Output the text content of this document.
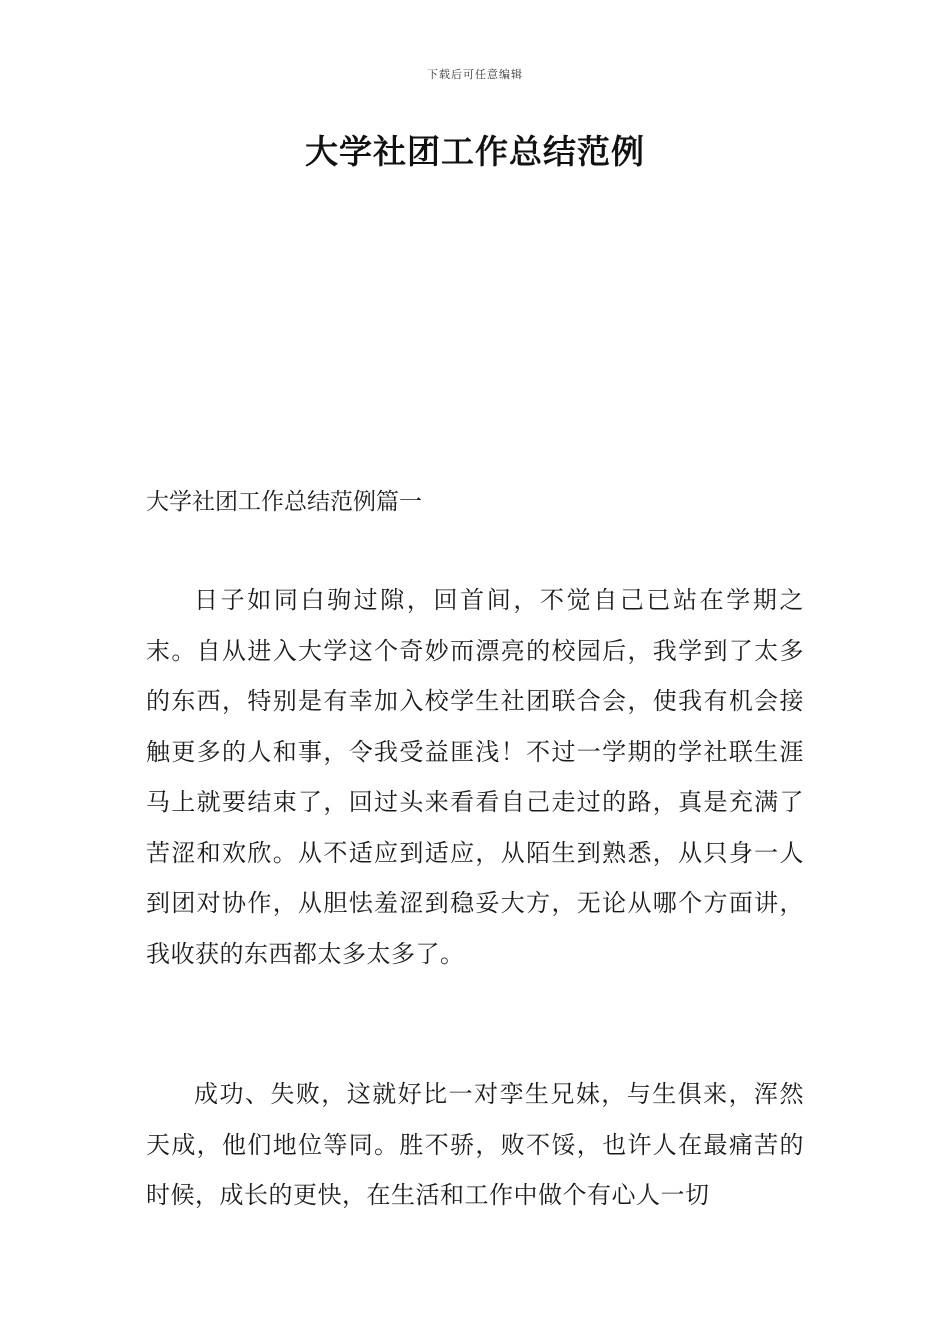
下载后可任意编辑
大学社团工作总结范例
大学社团工作总结范例篇一

日子如同白驹过隙，回首间，不觉自己已站在学期之末。自从进入大学这个奇妙而漂亮的校园后，我学到了太多的东西，特别是有幸加入校学生社团联合会，使我有机会接触更多的人和事，令我受益匪浅！不过一学期的学社联生涯马上就要结束了，回过头来看看自己走过的路，真是充满了苦涩和欢欣。从不适应到适应，从陌生到熟悉，从只身一人到团对协作，从胆怯羞涩到稳妥大方，无论从哪个方面讲，我收获的东西都太多太多了。

成功、失败，这就好比一对孪生兄妹，与生俱来，浑然天成，他们地位等同。胜不骄，败不馁，也许人在最痛苦的时候，成长的更快，在生活和工作中做个有心人一切
